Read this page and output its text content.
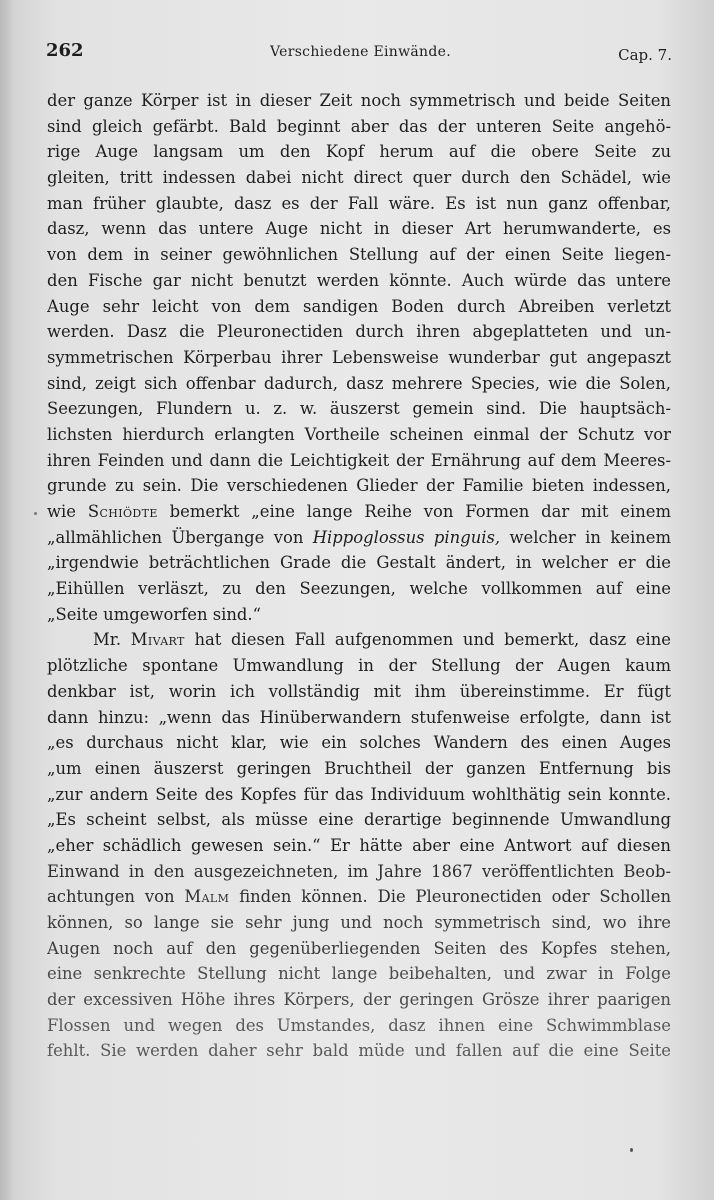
262	Verschiedene Einwände.	Cap. 7.
der ganze Körper ist in dieser Zeit noch symmetrisch und beide Seiten
sind gleich gefärbt. Bald beginnt aber das der unteren Seite angehö-
rige Auge langsam um den Kopf herum auf die obere Seite zu
gleiten, tritt indessen dabei nicht direct quer durch den Schädel, wie
man früher glaubte, dasz es der Fall wäre. Es ist nun ganz offenbar,
dasz, wenn das untere Auge nicht in dieser Art herumwanderte, es
von dem in seiner gewöhnlichen Stellung auf der einen Seite liegen-
den Fische gar nicht benutzt werden könnte. Auch würde das untere
Auge sehr leicht von dem sandigen Boden durch Abreiben verletzt
werden. Dasz die Pleuronectiden durch ihren abgeplatteten und un-
symmetrischen Körperbau ihrer Lebensweise wunderbar gut angepaszt
sind, zeigt sich offenbar dadurch, dasz mehrere Species, wie die Solen,
Seezungen, Flundern u. z. w. äuszerst gemein sind. Die hauptsäch-
lichsten hierdurch erlangten Vortheile scheinen einmal der Schutz vor
ihren Feinden und dann die Leichtigkeit der Ernährung auf dem Meeres-
grunde zu sein. Die verschiedenen Glieder der Familie bieten indessen,
wie Schiödte bemerkt „eine lange Reihe von Formen dar mit einem
„allmählichen Übergange von Hippoglossus pinguis, welcher in keinem
„irgendwie beträchtlichen Grade die Gestalt ändert, in welcher er die
„Eihüllen verläszt, zu den Seezungen, welche vollkommen auf eine
„Seite umgeworfen sind.“
Mr. Mivart hat diesen Fall aufgenommen und bemerkt, dasz eine
plötzliche spontane Umwandlung in der Stellung der Augen kaum
denkbar ist, worin ich vollständig mit ihm übereinstimme. Er fügt
dann hinzu: „wenn das Hinüberwandern stufenweise erfolgte, dann ist
„es durchaus nicht klar, wie ein solches Wandern des einen Auges
„um einen äuszerst geringen Bruchtheil der ganzen Entfernung bis
„zur andern Seite des Kopfes für das Individuum wohlthätig sein konnte.
„Es scheint selbst, als müsse eine derartige beginnende Umwandlung
„eher schädlich gewesen sein.“ Er hätte aber eine Antwort auf diesen
Einwand in den ausgezeichneten, im Jahre 1867 veröffentlichten Beob-
achtungen von Malm finden können. Die Pleuronectiden oder Schollen
können, so lange sie sehr jung und noch symmetrisch sind, wo ihre
Augen noch auf den gegenüberliegenden Seiten des Kopfes stehen,
eine senkrechte Stellung nicht lange beibehalten, und zwar in Folge
der excessiven Höhe ihres Körpers, der geringen Grösze ihrer paarigen
Flossen und wegen des Umstandes, dasz ihnen eine Schwimmblase
fehlt. Sie werden daher sehr bald müde und fallen auf die eine Seite
